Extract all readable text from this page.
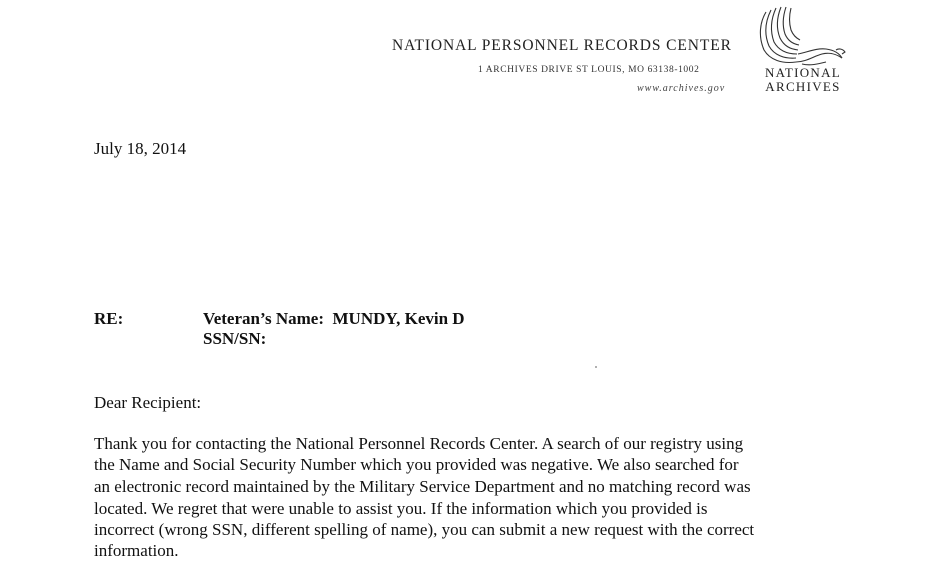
NATIONAL PERSONNEL RECORDS CENTER
1 ARCHIVES DRIVE ST LOUIS, MO 63138-1002
www.archives.gov
NATIONAL
ARCHIVES
July 18, 2014
RE:	Veteran’s Name: MUNDY, Kevin D
SSN/SN:
Dear Recipient:
Thank you for contacting the National Personnel Records Center. A search of our registry using
the Name and Social Security Number which you provided was negative. We also searched for
an electronic record maintained by the Military Service Department and no matching record was
located. We regret that were unable to assist you. If the information which you provided is
incorrect (wrong SSN, different spelling of name), you can submit a new request with the correct
information.
